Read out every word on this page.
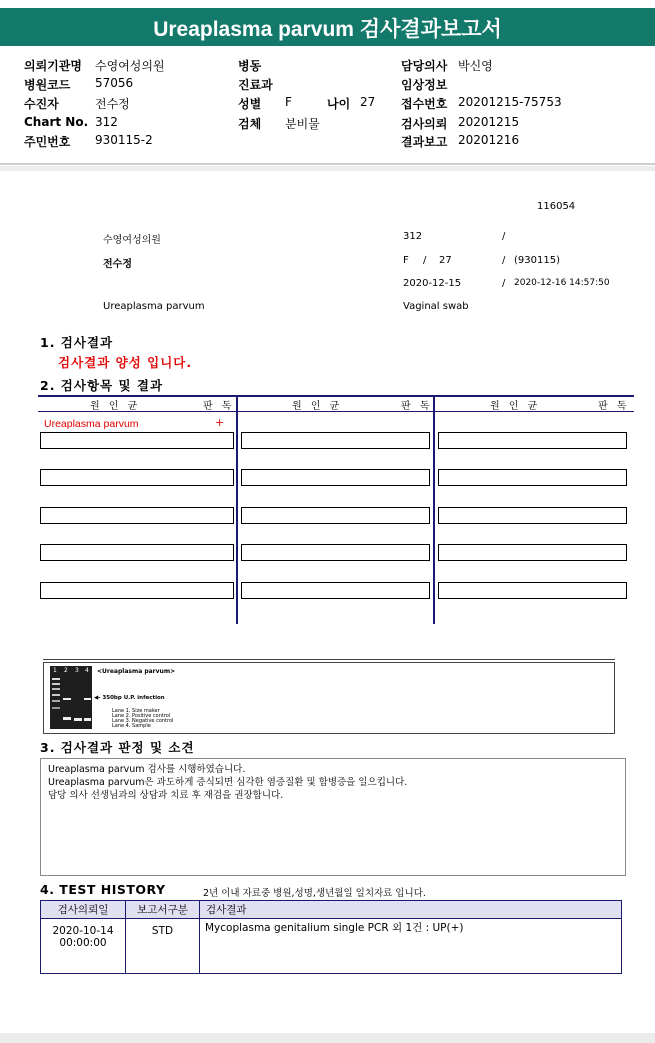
Ureaplasma parvum 검사결과보고서
의뢰기관명 수영여성의원
병원코드 57056
수진자	전수정
Chart No. 312
주민번호 930115-2
병동
진료과
성별 F	나이 27
검체 분비물
담당의사 박신영
임상정보
접수번호 20201215-75753
검사의뢰 20201215
결과보고 20201216
116054
수영여성의원	312	/
전수정	F / 27	/ (930115)
2020-12-15	/ 2020-12-16 14:57:50
Ureaplasma parvum	Vaginal swab
1. 검사결과
검사결과 양성 입니다.
2. 검사항목 및 결과
원 인 균	판 독	원 인 균	판 독	원 인 균	판 독
Ureaplasma parvum	+
1 2 3 4 <Ureaplasma parvum>
◀- 350bp U.P. infection
Lane 1. Size maker
Lane 2. Positive control
Lane 3. Negative control
Lane 4. Sample
3. 검사결과 판정 및 소견
Ureaplasma parvum 검사를 시행하였습니다.
Ureaplasma parvum은 과도하게 증식되면 심각한 염증질환 및 합병증을 일으킵니다.
담당 의사 선생님과의 상담과 치료 후 재검을 권장합니다.
4. TEST HISTORY	2년 이내 자료중 병원,성명,생년월일 일치자료 입니다.
검사의뢰일	보고서구분	검사결과

2020-10-14
00:00:00	STD	Mycoplasma genitalium single PCR 외 1건 : UP(+)
